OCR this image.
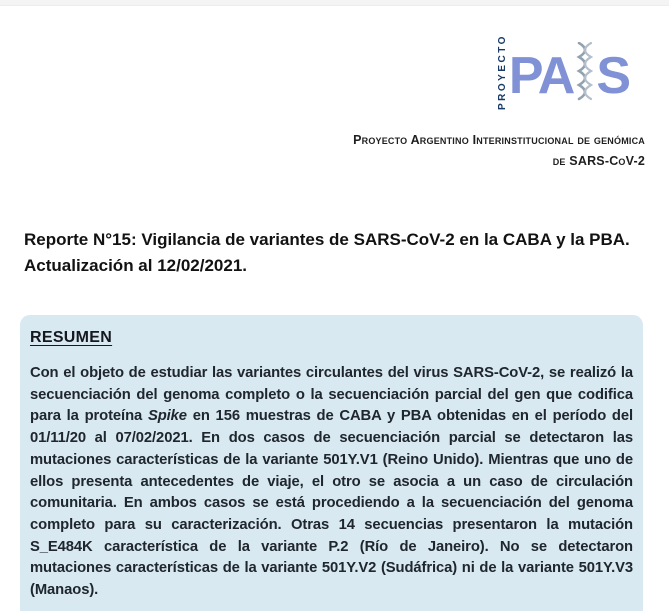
PROYECTO PA S
Proyecto Argentino Interinstitucional de genómica
de SARS-CoV-2
Reporte N°15: Vigilancia de variantes de SARS-CoV-2 en la CABA y la PBA.
Actualización al 12/02/2021.
RESUMEN
Con el objeto de estudiar las variantes circulantes del virus SARS-CoV-2, se realizó la secuenciación del genoma completo o la secuenciación parcial del gen que codifica para la proteína Spike en 156 muestras de CABA y PBA obtenidas en el período del 01/11/20 al 07/02/2021. En dos casos de secuenciación parcial se detectaron las mutaciones características de la variante 501Y.V1 (Reino Unido). Mientras que uno de ellos presenta antecedentes de viaje, el otro se asocia a un caso de circulación comunitaria. En ambos casos se está procediendo a la secuenciación del genoma completo para su caracterización. Otras 14 secuencias presentaron la mutación S_E484K característica de la variante P.2 (Río de Janeiro). No se detectaron mutaciones características de la variante 501Y.V2 (Sudáfrica) ni de la variante 501Y.V3 (Manaos).
